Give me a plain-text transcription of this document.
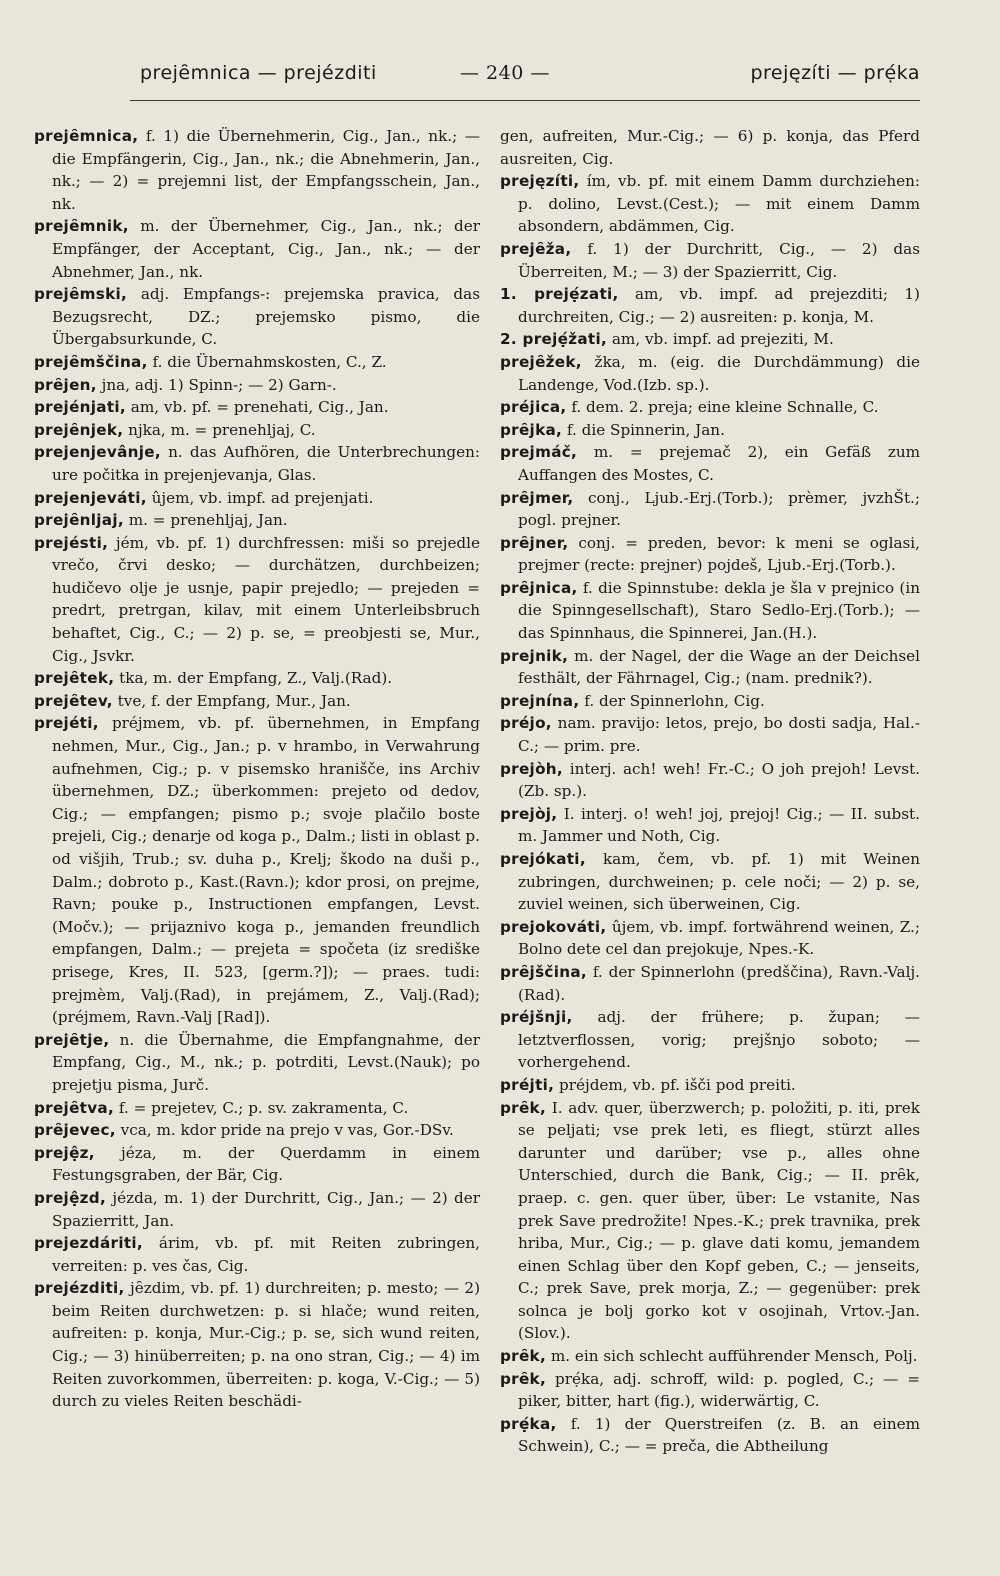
prejȇmnica — prejézditi	— 240 —	prejęzíti — prẹ́ka

prejȇmnica, f. 1) die Übernehmerin, Cig., Jan., nk.; — die Empfängerin, Cig., Jan., nk.; die Abnehmerin, Jan., nk.; — 2) = prejemni list, der Empfangsschein, Jan., nk.

prejȇmnik, m. der Übernehmer, Cig., Jan., nk.; der Empfänger, der Acceptant, Cig., Jan., nk.; — der Abnehmer, Jan., nk.

prejȇmski, adj. Empfangs-: prejemska pravica, das Bezugsrecht, DZ.; prejemsko pismo, die Übergabsurkunde, C.

prejȇmščina, f. die Übernahmskosten, C., Z.

prȇjen, jna, adj. 1) Spinn-; — 2) Garn-.

prejénjati, am, vb. pf. = prenehati, Cig., Jan.

prejȇnjek, njka, m. = prenehljaj, C.

prejenjevânje, n. das Aufhören, die Unterbrechungen: ure počitka in prejenjevanja, Glas.

prejenjeváti, ûjem, vb. impf. ad prejenjati.

prejȇnljaj, m. = prenehljaj, Jan.

prejésti, jém, vb. pf. 1) durchfressen: miši so prejedle vrečo, črvi desko; — durchätzen, durchbeizen; hudičevo olje je usnje, papir prejedlo; — prejeden = predrt, pretrgan, kilav, mit einem Unterleibsbruch behaftet, Cig., C.; — 2) p. se, = preobjesti se, Mur., Cig., Jsvkr.

prejȇtek, tka, m. der Empfang, Z., Valj.(Rad).

prejȇtev, tve, f. der Empfang, Mur., Jan.

prejéti, préjmem, vb. pf. übernehmen, in Empfang nehmen, Mur., Cig., Jan.; p. v hrambo, in Verwahrung aufnehmen, Cig.; p. v pisemsko hranišče, ins Archiv übernehmen, DZ.; überkommen: prejeto od dedov, Cig.; — empfangen; pismo p.; svoje plačilo boste prejeli, Cig.; denarje od koga p., Dalm.; listi in oblast p. od višjih, Trub.; sv. duha p., Krelj; škodo na duši p., Dalm.; dobroto p., Kast.(Ravn.); kdor prosi, on prejme, Ravn; pouke p., Instructionen empfangen, Levst.(Močv.); — prijaznivo koga p., jemanden freundlich empfangen, Dalm.; — prejeta = spočeta (iz središke prisege, Kres, II. 523, [germ.?]); — praes. tudi: prejmèm, Valj.(Rad), in prejámem, Z., Valj.(Rad); (préjmem, Ravn.-Valj [Rad]).

prejȇtje, n. die Übernahme, die Empfangnahme, der Empfang, Cig., M., nk.; p. potrditi, Levst.(Nauk); po prejetju pisma, Jurč.

prejȇtva, f. = prejetev, C.; p. sv. zakramenta, C.

prȇjevec, vca, m. kdor pride na prejo v vas, Gor.-DSv.

prejệz, jéza, m. der Querdamm in einem Festungsgraben, der Bär, Cig.

prejệzd, jézda, m. 1) der Durchritt, Cig., Jan.; — 2) der Spazierritt, Jan.

prejezdáriti, árim, vb. pf. mit Reiten zubringen, verreiten: p. ves čas, Cig.

prejézditi, jȇzdim, vb. pf. 1) durchreiten; p. mesto; — 2) beim Reiten durchwetzen: p. si hlače; wund reiten, aufreiten: p. konja, Mur.-Cig.; p. se, sich wund reiten, Cig.; — 3) hinüberreiten; p. na ono stran, Cig.; — 4) im Reiten zuvorkommen, überreiten: p. koga, V.-Cig.; — 5) durch zu vieles Reiten beschädi-

gen, aufreiten, Mur.-Cig.; — 6) p. konja, das Pferd ausreiten, Cig.

prejęzíti, ím, vb. pf. mit einem Damm durchziehen: p. dolino, Levst.(Cest.); — mit einem Damm absondern, abdämmen, Cig.

prejȇža, f. 1) der Durchritt, Cig., — 2) das Überreiten, M.; — 3) der Spazierritt, Cig.

1. prejẹ́zati, am, vb. impf. ad prejezditi; 1) durchreiten, Cig.; — 2) ausreiten: p. konja, M.

2. prejẹ́žati, am, vb. impf. ad prejeziti, M.

prejȇžek, žka, m. (eig. die Durchdämmung) die Landenge, Vod.(Izb. sp.).

préjica, f. dem. 2. preja; eine kleine Schnalle, C.

prȇjka, f. die Spinnerin, Jan.

prejmáč, m. = prejemač 2), ein Gefäß zum Auffangen des Mostes, C.

prȇjmer, conj., Ljub.-Erj.(Torb.); prèmer, jvzhŠt.; pogl. prejner.

prȇjner, conj. = preden, bevor: k meni se oglasi, prejmer (recte: prejner) pojdeš, Ljub.-Erj.(Torb.).

prȇjnica, f. die Spinnstube: dekla je šla v prejnico (in die Spinngesellschaft), Staro Sedlo-Erj.(Torb.); — das Spinnhaus, die Spinnerei, Jan.(H.).

prejnik, m. der Nagel, der die Wage an der Deichsel festhält, der Fährnagel, Cig.; (nam. prednik?).

prejnína, f. der Spinnerlohn, Cig.

préjo, nam. pravijo: letos, prejo, bo dosti sadja, Hal.-C.; — prim. pre.

prejòh, interj. ach! weh! Fr.-C.; O joh prejoh! Levst.(Zb. sp.).

prejòj, I. interj. o! weh! joj, prejoj! Cig.; — II. subst. m. Jammer und Noth, Cig.

prejókati, kam, čem, vb. pf. 1) mit Weinen zubringen, durchweinen; p. cele noči; — 2) p. se, zuviel weinen, sich überweinen, Cig.

prejokováti, ûjem, vb. impf. fortwährend weinen, Z.; Bolno dete cel dan prejokuje, Npes.-K.

prȇjščina, f. der Spinnerlohn (predščina), Ravn.-Valj.(Rad).

préjšnji, adj. der frühere; p. župan; — letztverflossen, vorig; prejšnjo soboto; — vorhergehend.

préjti, préjdem, vb. pf. išči pod preiti.

prȇk, I. adv. quer, überzwerch; p. položiti, p. iti, prek se peljati; vse prek leti, es fliegt, stürzt alles darunter und darüber; vse p., alles ohne Unterschied, durch die Bank, Cig.; — II. prȇk, praep. c. gen. quer über, über: Le vstanite, Nas prek Save predrožite! Npes.-K.; prek travnika, prek hriba, Mur., Cig.; — p. glave dati komu, jemandem einen Schlag über den Kopf geben, C.; — jenseits, C.; prek Save, prek morja, Z.; — gegenüber: prek solnca je bolj gorko kot v osojinah, Vrtov.-Jan.(Slov.).

prȇk, m. ein sich schlecht aufführender Mensch, Polj.

prȇk, prẹ́ka, adj. schroff, wild: p. pogled, C.; — = piker, bitter, hart (fig.), widerwärtig, C.

prẹ́ka, f. 1) der Querstreifen (z. B. an einem Schwein), C.; — = preča, die Abtheilung
